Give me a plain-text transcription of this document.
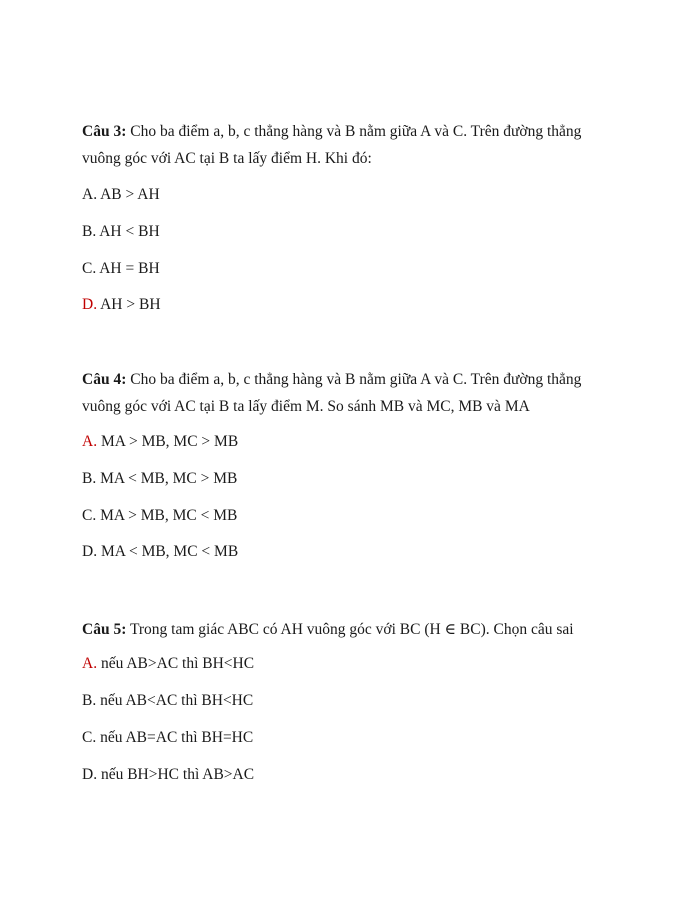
Câu 3: Cho ba điểm a, b, c thẳng hàng và B nằm giữa A và C. Trên đường thẳng vuông góc với AC tại B ta lấy điểm H. Khi đó:

A. AB > AH

B. AH < BH

C. AH = BH

D. AH > BH

Câu 4: Cho ba điểm a, b, c thẳng hàng và B nằm giữa A và C. Trên đường thẳng vuông góc với AC tại B ta lấy điểm M. So sánh MB và MC, MB và MA

A. MA > MB, MC > MB

B. MA < MB, MC > MB

C. MA > MB, MC < MB

D. MA < MB, MC < MB

Câu 5: Trong tam giác ABC có AH vuông góc với BC (H ∈ BC). Chọn câu sai

A. nếu AB>AC thì BH<HC

B. nếu AB<AC thì BH<HC

C. nếu AB=AC thì BH=HC

D. nếu BH>HC thì AB>AC
